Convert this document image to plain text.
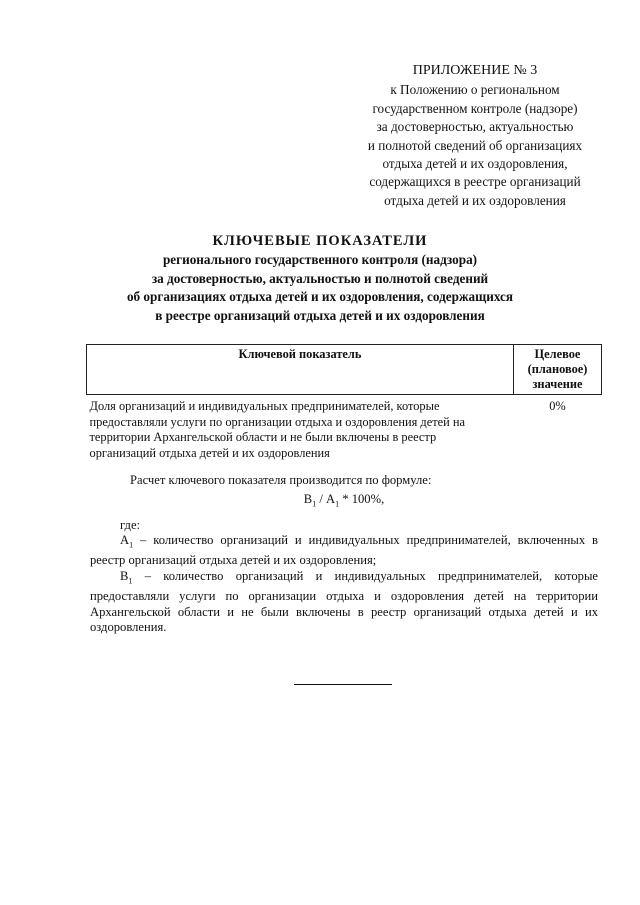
ПРИЛОЖЕНИЕ № 3
к Положению о региональном
государственном контроле (надзоре)
за достоверностью, актуальностью
и полнотой сведений об организациях
отдыха детей и их оздоровления,
содержащихся в реестре организаций
отдыха детей и их оздоровления
КЛЮЧЕВЫЕ ПОКАЗАТЕЛИ
регионального государственного контроля (надзора)
за достоверностью, актуальностью и полнотой сведений
об организациях отдыха детей и их оздоровления, содержащихся
в реестре организаций отдыха детей и их оздоровления
Ключевой показатель	Целевое
(плановое)
значение

Доля организаций и индивидуальных предпринимателей, которые
предоставляли услуги по организации отдыха и оздоровления детей на
территории Архангельской области и не были включены в реестр
организаций отдыха детей и их оздоровления	0%

Расчет ключевого показателя производится по формуле:

$В_1 / А_1 * 100\%$,

где:

$А_1$ – количество организаций и индивидуальных предпринимателей, включенных в реестр организаций отдыха детей и их оздоровления;

$В_1$ – количество организаций и индивидуальных предпринимателей, которые предоставляли услуги по организации отдыха и оздоровления детей на территории Архангельской области и не были включены в реестр организаций отдыха детей и их оздоровления.
